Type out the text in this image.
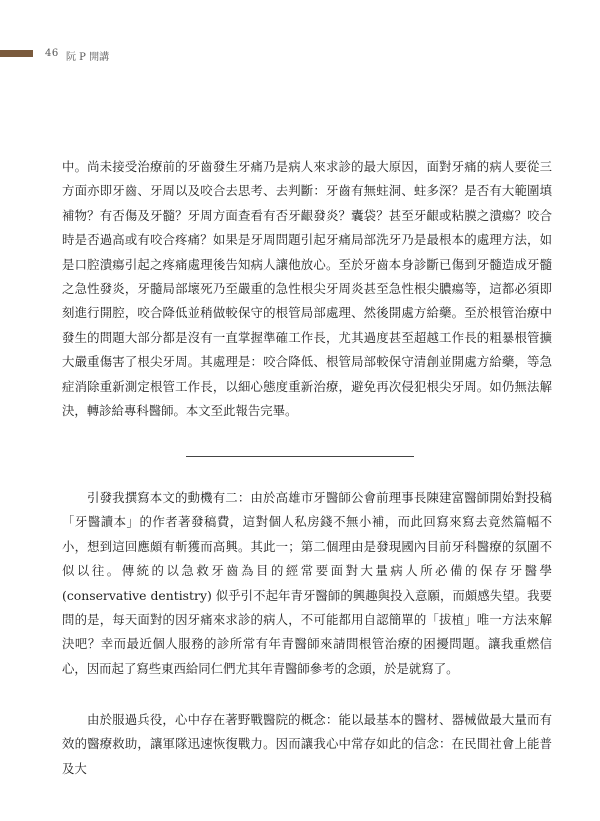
46 阮 P 開講

中。尚未接受治療前的牙齒發生牙痛乃是病人來求診的最大原因，面對牙痛的病人要從三方面亦即牙齒、牙周以及咬合去思考、去判斷：牙齒有無蛀洞、蛀多深？是否有大範圍填補物？有否傷及牙髓？牙周方面查看有否牙齦發炎？囊袋？甚至牙齦或粘膜之潰瘍？咬合時是否過高或有咬合疼痛？如果是牙周問題引起牙痛局部洗牙乃是最根本的處理方法，如是口腔潰瘍引起之疼痛處理後告知病人讓他放心。至於牙齒本身診斷已傷到牙髓造成牙髓之急性發炎，牙髓局部壞死乃至嚴重的急性根尖牙周炎甚至急性根尖膿瘍等，這都必須即刻進行開腔，咬合降低並稍做較保守的根管局部處理、然後開處方給藥。至於根管治療中發生的問題大部分都是沒有一直掌握準確工作長，尤其過度甚至超越工作長的粗暴根管擴大嚴重傷害了根尖牙周。其處理是：咬合降低、根管局部較保守清創並開處方給藥，等急症消除重新測定根管工作長，以細心態度重新治療，避免再次侵犯根尖牙周。如仍無法解決，轉診給專科醫師。本文至此報告完畢。

引發我撰寫本文的動機有二：由於高雄市牙醫師公會前理事長陳建富醫師開始對投稿「牙醫讀本」的作者著發稿費，這對個人私房錢不無小補，而此回寫來寫去竟然篇幅不小，想到這回應頗有斬獲而高興。其此一；第二個理由是發現國內目前牙科醫療的氛圍不似以往。傳統的以急救牙齒為目的經常要面對大量病人所必備的保存牙醫學 (conservative dentistry) 似乎引不起年青牙醫師的興趣與投入意願，而頗感失望。我要問的是，每天面對的因牙痛來求診的病人，不可能都用自認簡單的「拔植」唯一方法來解決吧？幸而最近個人服務的診所常有年青醫師來請問根管治療的困擾問題。讓我重燃信心，因而起了寫些東西給同仁們尤其年青醫師參考的念頭，於是就寫了。

由於服過兵役，心中存在著野戰醫院的概念：能以最基本的醫材、器械做最大量而有效的醫療救助，讓軍隊迅速恢復戰力。因而讓我心中常存如此的信念：在民間社會上能普及大
